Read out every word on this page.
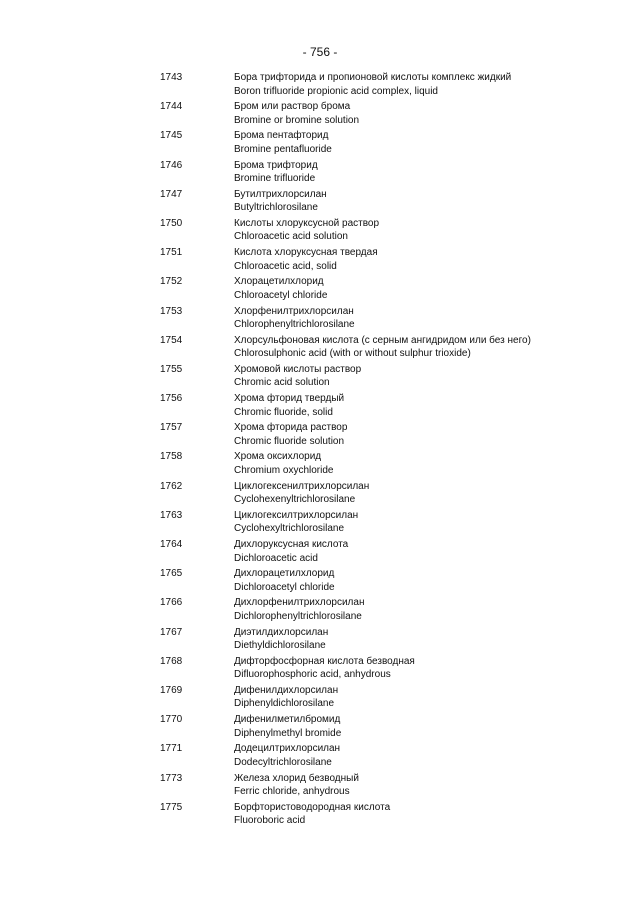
- 756 -
1743	Бора трифторида и пропионовой кислоты комплекс жидкий
Boron trifluoride propionic acid complex, liquid
1744	Бром или раствор брома
Bromine or bromine solution
1745	Брома пентафторид
Bromine pentafluoride
1746	Брома трифторид
Bromine trifluoride
1747	Бутилтрихлорсилан
Butyltrichlorosilane
1750	Кислоты хлоруксусной раствор
Chloroacetic acid solution
1751	Кислота хлоруксусная твердая
Chloroacetic acid, solid
1752	Хлорацетилхлорид
Chloroacetyl chloride
1753	Хлорфенилтрихлорсилан
Chlorophenyltrichlorosilane
1754	Хлорсульфоновая кислота (с серным ангидридом или без него)
Chlorosulphonic acid (with or without sulphur trioxide)
1755	Хромовой кислоты раствор
Chromic acid solution
1756	Хрома фторид твердый
Chromic fluoride, solid
1757	Хрома фторида раствор
Chromic fluoride solution
1758	Хрома оксихлорид
Chromium oxychloride
1762	Циклогексенилтрихлорсилан
Cyclohexenyltrichlorosilane
1763	Циклогексилтрихлорсилан
Cyclohexyltrichlorosilane
1764	Дихлоруксусная кислота
Dichloroacetic acid
1765	Дихлорацетилхлорид
Dichloroacetyl chloride
1766	Дихлорфенилтрихлорсилан
Dichlorophenyltrichlorosilane
1767	Диэтилдихлорсилан
Diethyldichlorosilane
1768	Дифторфосфорная кислота безводная
Difluorophosphoric acid, anhydrous
1769	Дифенилдихлорсилан
Diphenyldichlorosilane
1770	Дифенилметилбромид
Diphenylmethyl bromide
1771	Додецилтрихлорсилан
Dodecyltrichlorosilane
1773	Железа хлорид безводный
Ferric chloride, anhydrous
1775	Борфтористоводородная кислота
Fluoroboric acid
